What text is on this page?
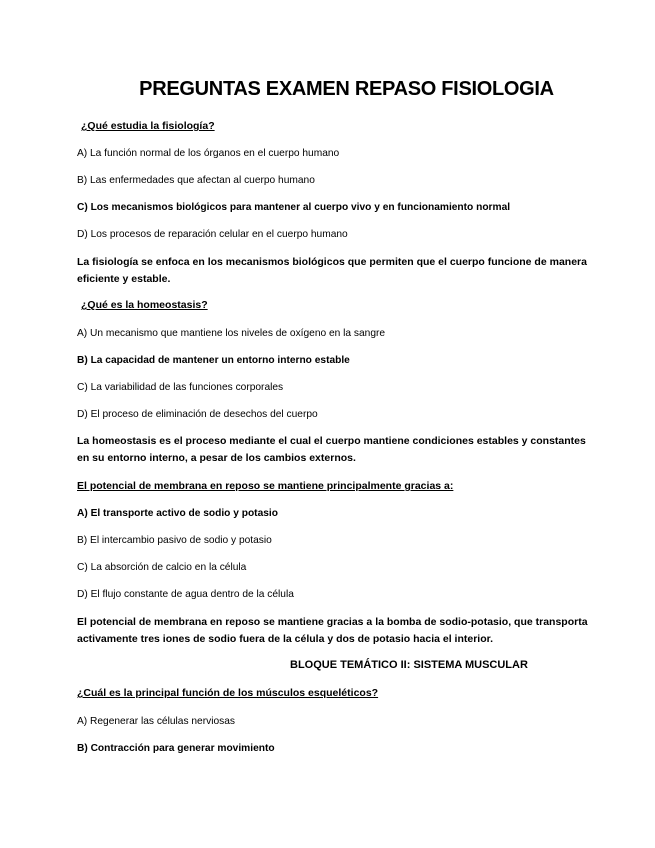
PREGUNTAS EXAMEN REPASO FISIOLOGIA

¿Qué estudia la fisiología?

A) La función normal de los órganos en el cuerpo humano

B) Las enfermedades que afectan al cuerpo humano

C) Los mecanismos biológicos para mantener al cuerpo vivo y en funcionamiento normal

D) Los procesos de reparación celular en el cuerpo humano

La fisiología se enfoca en los mecanismos biológicos que permiten que el cuerpo funcione de manera eficiente y estable.

¿Qué es la homeostasis?

A) Un mecanismo que mantiene los niveles de oxígeno en la sangre

B) La capacidad de mantener un entorno interno estable

C) La variabilidad de las funciones corporales

D) El proceso de eliminación de desechos del cuerpo

La homeostasis es el proceso mediante el cual el cuerpo mantiene condiciones estables y constantes en su entorno interno, a pesar de los cambios externos.

El potencial de membrana en reposo se mantiene principalmente gracias a:

A) El transporte activo de sodio y potasio

B) El intercambio pasivo de sodio y potasio

C) La absorción de calcio en la célula

D) El flujo constante de agua dentro de la célula

El potencial de membrana en reposo se mantiene gracias a la bomba de sodio-potasio, que transporta activamente tres iones de sodio fuera de la célula y dos de potasio hacia el interior.

BLOQUE TEMÁTICO II: SISTEMA MUSCULAR

¿Cuál es la principal función de los músculos esqueléticos?

A) Regenerar las células nerviosas

B) Contracción para generar movimiento
